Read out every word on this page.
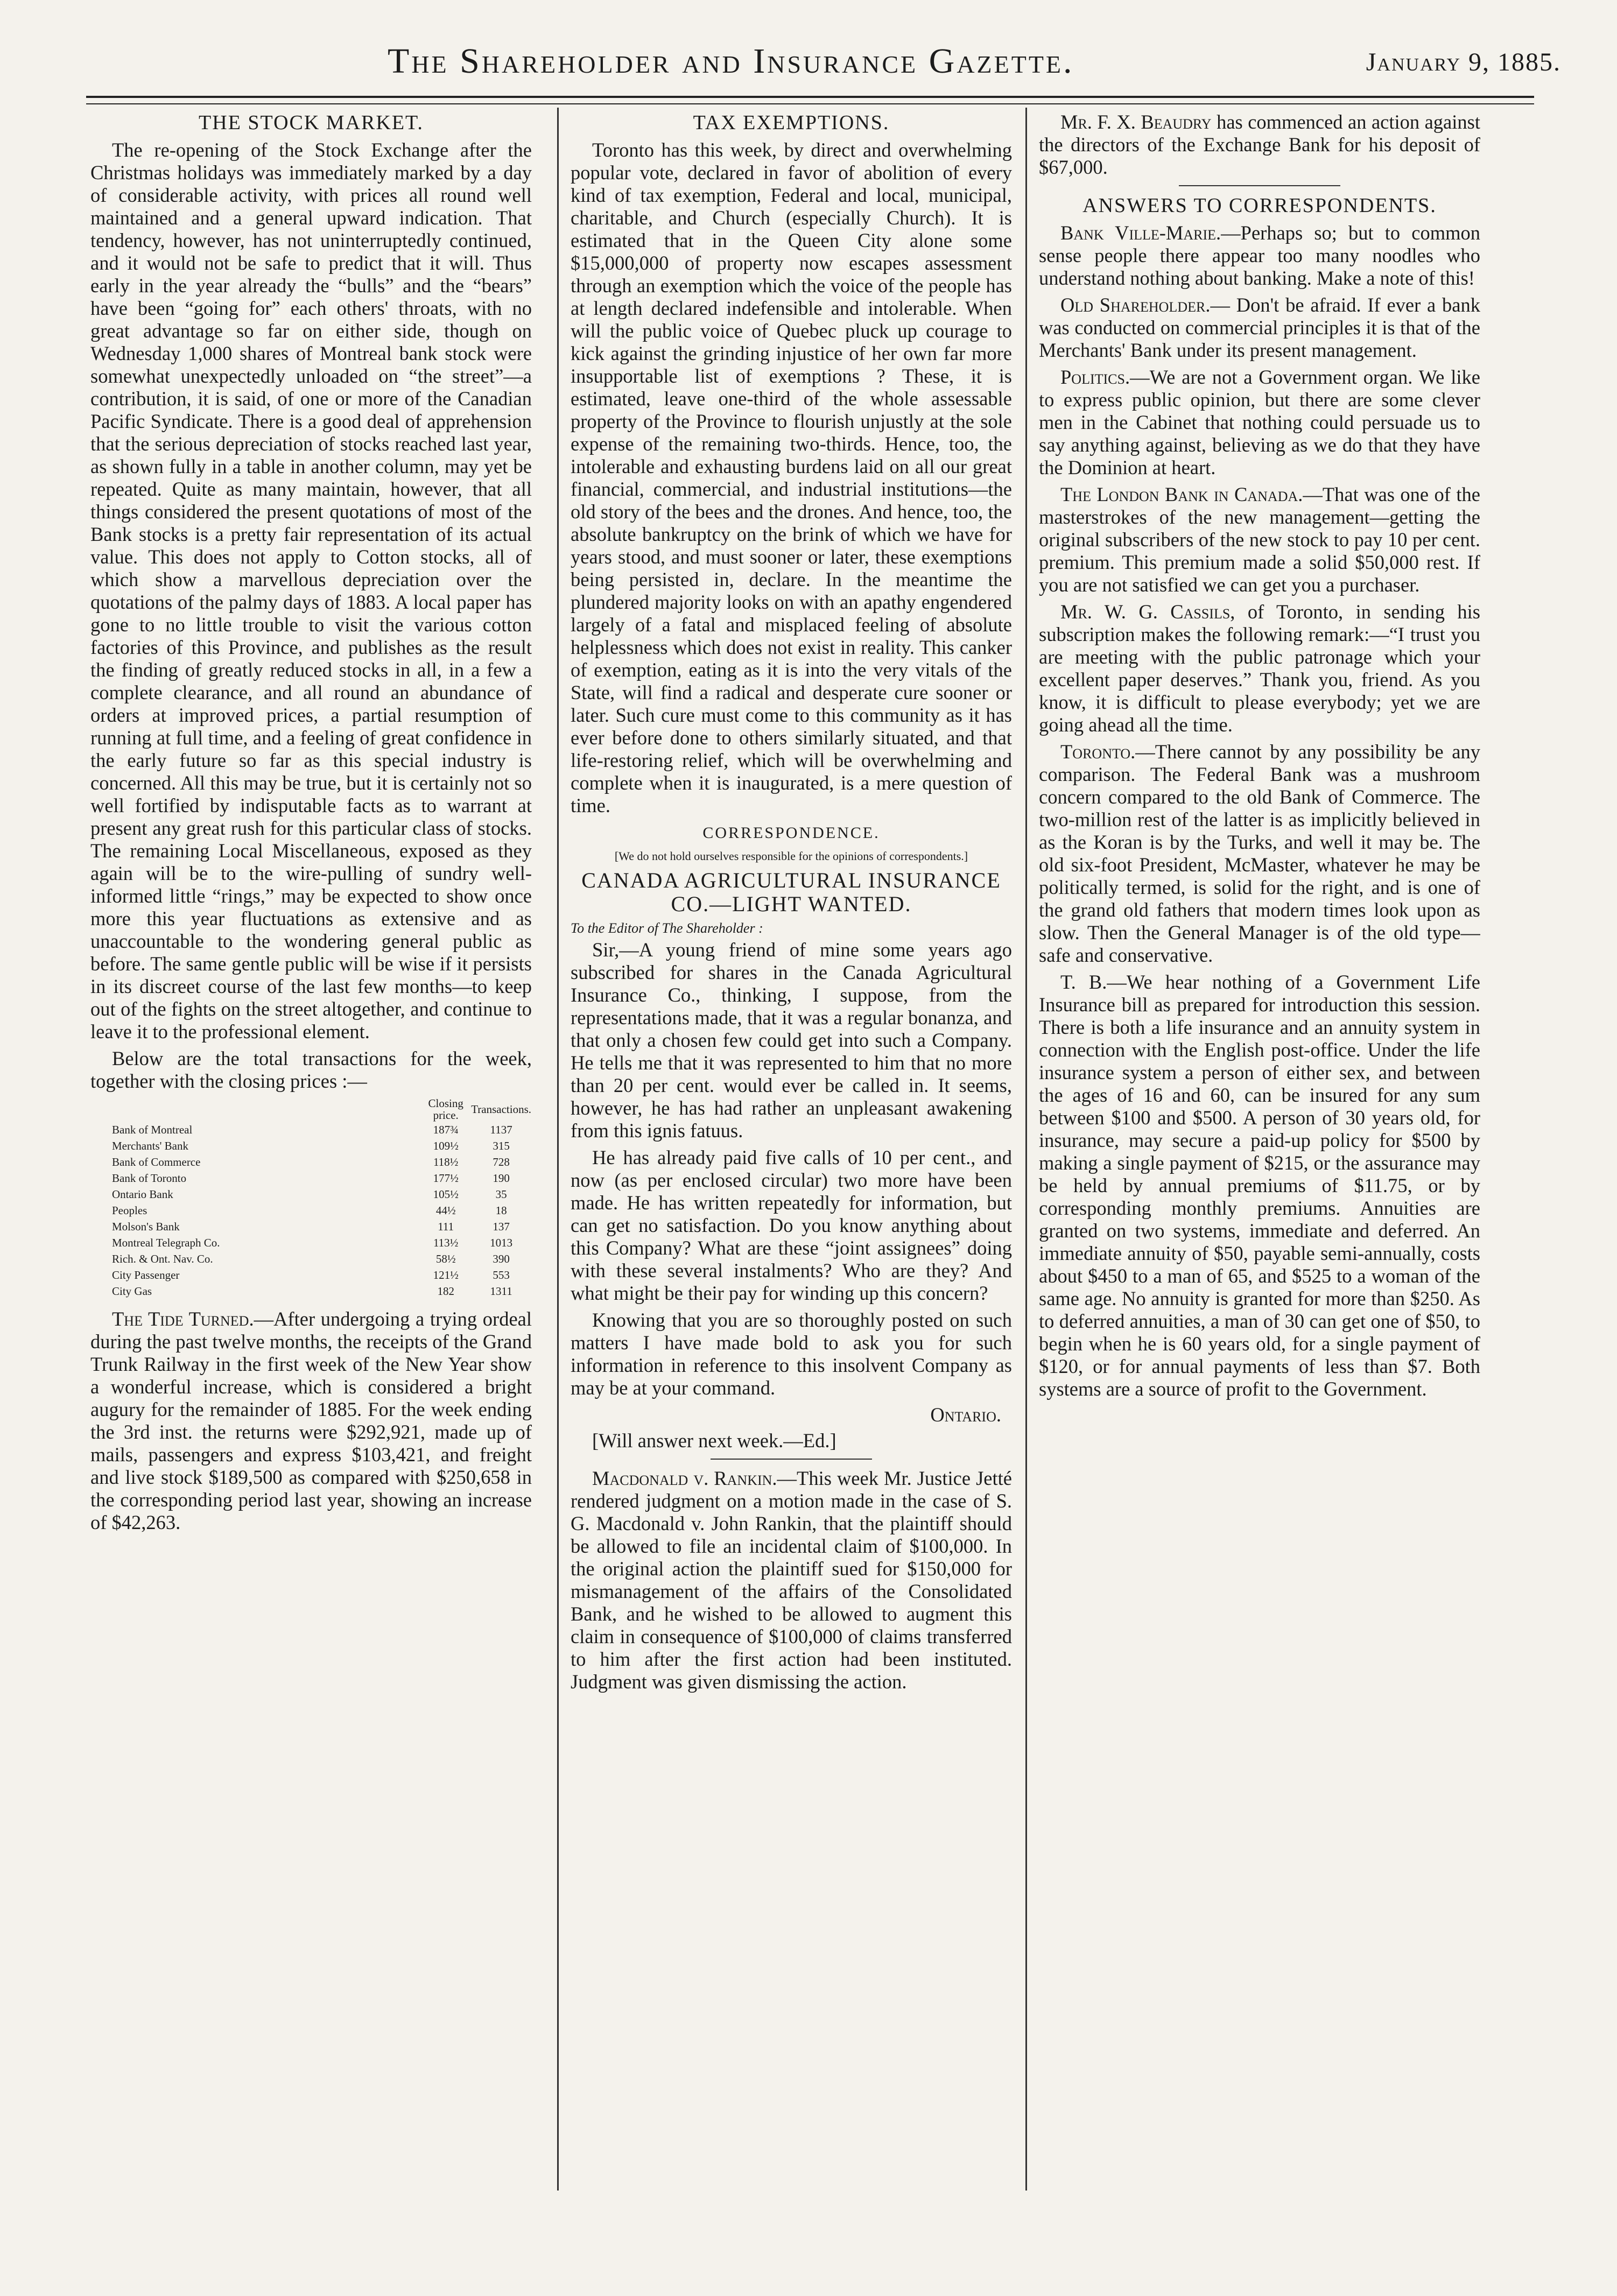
The Shareholder and Insurance Gazette.	January 9, 1885.
THE STOCK MARKET.

The re-opening of the Stock Exchange after the Christmas holidays was immediately marked by a day of considerable activity, with prices all round well maintained and a general upward indication. That tendency, however, has not uninterruptedly continued, and it would not be safe to predict that it will. Thus early in the year already the “bulls” and the “bears” have been “going for” each others' throats, with no great advantage so far on either side, though on Wednesday 1,000 shares of Montreal bank stock were somewhat unexpectedly unloaded on “the street”—a contribution, it is said, of one or more of the Canadian Pacific Syndicate. There is a good deal of apprehension that the serious depreciation of stocks reached last year, as shown fully in a table in another column, may yet be repeated. Quite as many maintain, however, that all things considered the present quotations of most of the Bank stocks is a pretty fair representation of its actual value. This does not apply to Cotton stocks, all of which show a marvellous depreciation over the quotations of the palmy days of 1883. A local paper has gone to no little trouble to visit the various cotton factories of this Province, and publishes as the result the finding of greatly reduced stocks in all, in a few a complete clearance, and all round an abundance of orders at improved prices, a partial resumption of running at full time, and a feeling of great confidence in the early future so far as this special industry is concerned. All this may be true, but it is certainly not so well fortified by indisputable facts as to warrant at present any great rush for this particular class of stocks. The remaining Local Miscellaneous, exposed as they again will be to the wire-pulling of sundry well-informed little “rings,” may be expected to show once more this year fluctuations as extensive and as unaccountable to the wondering general public as before. The same gentle public will be wise if it persists in its discreet course of the last few months—to keep out of the fights on the street altogether, and continue to leave it to the professional element.

Below are the total transactions for the week, together with the closing prices :—

	Closing price.	Transactions.
Bank of Montreal	187¾	1137
Merchants' Bank	109½	315
Bank of Commerce	118½	728
Bank of Toronto	177½	190
Ontario Bank	105½	35
Peoples	44½	18
Molson's Bank	111	137
Montreal Telegraph Co.	113½	1013
Rich. & Ont. Nav. Co.	58½	390
City Passenger	121½	553
City Gas	182	1311

The Tide Turned.—After undergoing a trying ordeal during the past twelve months, the receipts of the Grand Trunk Railway in the first week of the New Year show a wonderful increase, which is considered a bright augury for the remainder of 1885. For the week ending the 3rd inst. the returns were $292,921, made up of mails, passengers and express $103,421, and freight and live stock $189,500 as compared with $250,658 in the corresponding period last year, showing an increase of $42,263.

TAX EXEMPTIONS.

Toronto has this week, by direct and overwhelming popular vote, declared in favor of abolition of every kind of tax exemption, Federal and local, municipal, charitable, and Church (especially Church). It is estimated that in the Queen City alone some $15,000,000 of property now escapes assessment through an exemption which the voice of the people has at length declared indefensible and intolerable. When will the public voice of Quebec pluck up courage to kick against the grinding injustice of her own far more insupportable list of exemptions ? These, it is estimated, leave one-third of the whole assessable property of the Province to flourish unjustly at the sole expense of the remaining two-thirds. Hence, too, the intolerable and exhausting burdens laid on all our great financial, commercial, and industrial institutions—the old story of the bees and the drones. And hence, too, the absolute bankruptcy on the brink of which we have for years stood, and must sooner or later, these exemptions being persisted in, declare. In the meantime the plundered majority looks on with an apathy engendered largely of a fatal and misplaced feeling of absolute helplessness which does not exist in reality. This canker of exemption, eating as it is into the very vitals of the State, will find a radical and desperate cure sooner or later. Such cure must come to this community as it has ever before done to others similarly situated, and that life-restoring relief, which will be overwhelming and complete when it is inaugurated, is a mere question of time.

CORRESPONDENCE.
[We do not hold ourselves responsible for the opinions of correspondents.]
CANADA AGRICULTURAL INSURANCE CO.—LIGHT WANTED.
To the Editor of The Shareholder :

Sir,—A young friend of mine some years ago subscribed for shares in the Canada Agricultural Insurance Co., thinking, I suppose, from the representations made, that it was a regular bonanza, and that only a chosen few could get into such a Company. He tells me that it was represented to him that no more than 20 per cent. would ever be called in. It seems, however, he has had rather an unpleasant awakening from this ignis fatuus.

He has already paid five calls of 10 per cent., and now (as per enclosed circular) two more have been made. He has written repeatedly for information, but can get no satisfaction. Do you know anything about this Company? What are these “joint assignees” doing with these several instalments? Who are they? And what might be their pay for winding up this concern?

Knowing that you are so thoroughly posted on such matters I have made bold to ask you for such information in reference to this insolvent Company as may be at your command.

Ontario.

[Will answer next week.—Ed.]

Macdonald v. Rankin.—This week Mr. Justice Jetté rendered judgment on a motion made in the case of S. G. Macdonald v. John Rankin, that the plaintiff should be allowed to file an incidental claim of $100,000. In the original action the plaintiff sued for $150,000 for mismanagement of the affairs of the Consolidated Bank, and he wished to be allowed to augment this claim in consequence of $100,000 of claims transferred to him after the first action had been instituted. Judgment was given dismissing the action.

Mr. F. X. Beaudry has commenced an action against the directors of the Exchange Bank for his deposit of $67,000.

ANSWERS TO CORRESPONDENTS.

Bank Ville-Marie.—Perhaps so; but to common sense people there appear too many noodles who understand nothing about banking. Make a note of this!

Old Shareholder.— Don't be afraid. If ever a bank was conducted on commercial principles it is that of the Merchants' Bank under its present management.

Politics.—We are not a Government organ. We like to express public opinion, but there are some clever men in the Cabinet that nothing could persuade us to say anything against, believing as we do that they have the Dominion at heart.

The London Bank in Canada.—That was one of the masterstrokes of the new management—getting the original subscribers of the new stock to pay 10 per cent. premium. This premium made a solid $50,000 rest. If you are not satisfied we can get you a purchaser.

Mr. W. G. Cassils, of Toronto, in sending his subscription makes the following remark:—“I trust you are meeting with the public patronage which your excellent paper deserves.” Thank you, friend. As you know, it is difficult to please everybody; yet we are going ahead all the time.

Toronto.—There cannot by any possibility be any comparison. The Federal Bank was a mushroom concern compared to the old Bank of Commerce. The two-million rest of the latter is as implicitly believed in as the Koran is by the Turks, and well it may be. The old six-foot President, McMaster, whatever he may be politically termed, is solid for the right, and is one of the grand old fathers that modern times look upon as slow. Then the General Manager is of the old type—safe and conservative.

T. B.—We hear nothing of a Government Life Insurance bill as prepared for introduction this session. There is both a life insurance and an annuity system in connection with the English post-office. Under the life insurance system a person of either sex, and between the ages of 16 and 60, can be insured for any sum between $100 and $500. A person of 30 years old, for insurance, may secure a paid-up policy for $500 by making a single payment of $215, or the assurance may be held by annual premiums of $11.75, or by corresponding monthly premiums. Annuities are granted on two systems, immediate and deferred. An immediate annuity of $50, payable semi-annually, costs about $450 to a man of 65, and $525 to a woman of the same age. No annuity is granted for more than $250. As to deferred annuities, a man of 30 can get one of $50, to begin when he is 60 years old, for a single payment of $120, or for annual payments of less than $7. Both systems are a source of profit to the Government.
